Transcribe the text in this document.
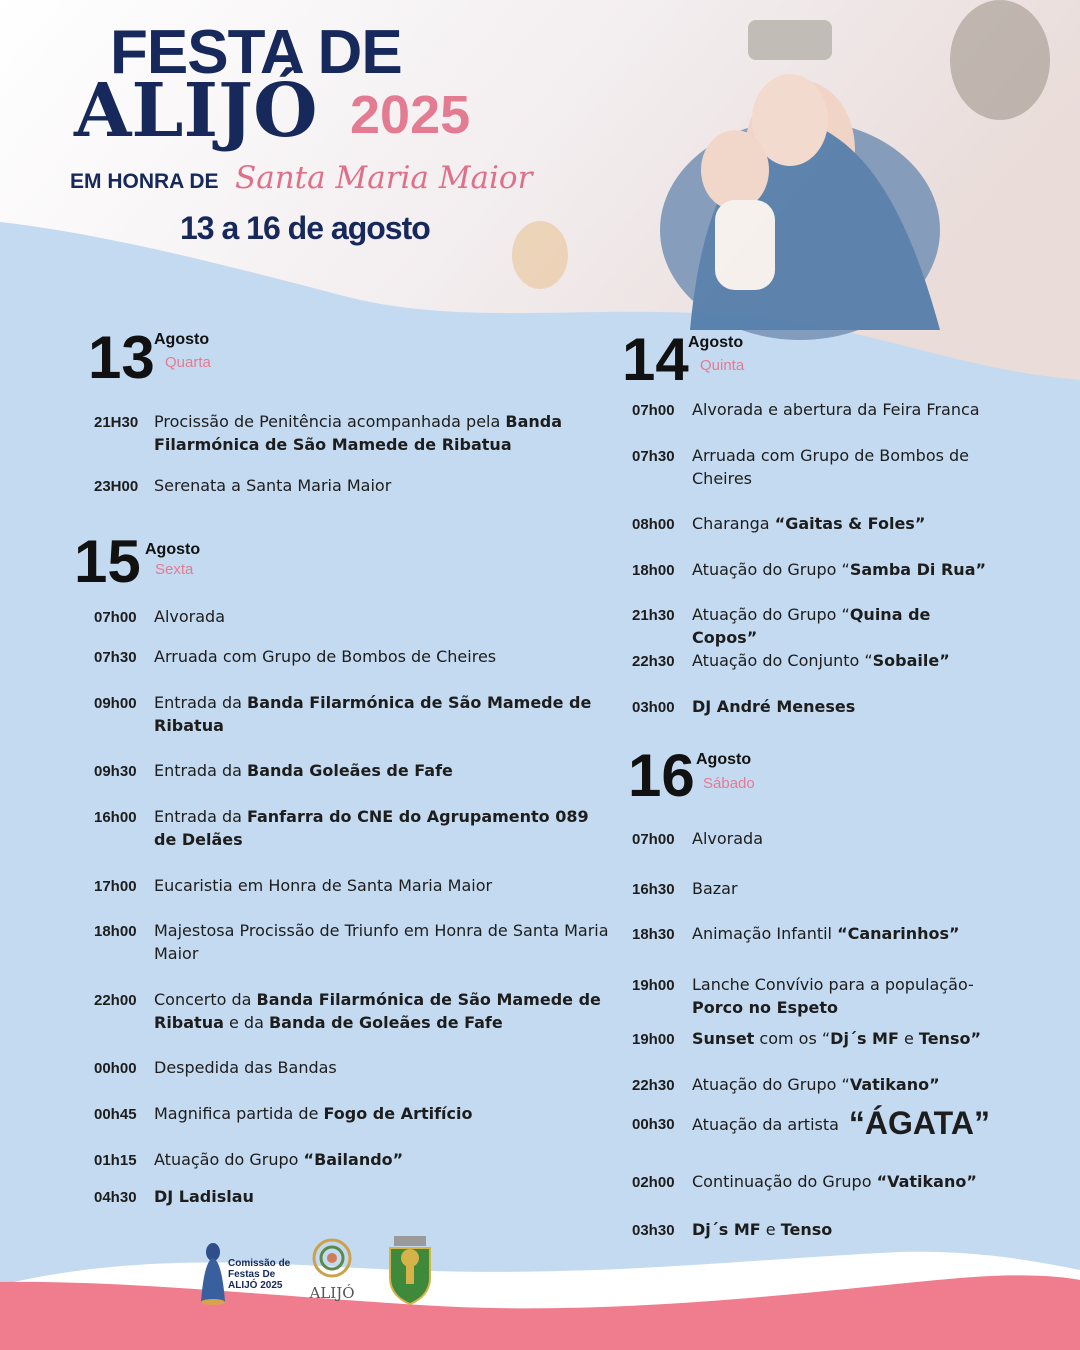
FESTA DE
ALIJÓ 2025
EM HONRA DE Santa Maria Maior
13 a 16 de agosto
13 Agosto
Quarta
21H30 Procissão de Penitência acompanhada pela Banda Filarmónica de São Mamede de Ribatua
23H00 Serenata a Santa Maria Maior
15 Agosto
Sexta
07h00	Alvorada
07h30	Arruada com Grupo de Bombos de Cheires
09h00	Entrada da Banda Filarmónica de São Mamede de Ribatua
09h30	Entrada da Banda Goleães de Fafe
16h00	Entrada da Fanfarra do CNE do Agrupamento 089 de Delães
17h00	Eucaristia em Honra de Santa Maria Maior
18h00	Majestosa Procissão de Triunfo em Honra de Santa Maria Maior
22h00	Concerto da Banda Filarmónica de São Mamede de Ribatua e da Banda de Goleães de Fafe
00h00	Despedida das Bandas
00h45	Magnifica partida de Fogo de Artifício
01h15	Atuação do Grupo “Bailando”
04h30	DJ Ladislau
14 Agosto
Quinta
07h00	Alvorada e abertura da Feira Franca
07h30	Arruada com Grupo de Bombos de Cheires
08h00	Charanga “Gaitas & Foles”
18h00	Atuação do Grupo “Samba Di Rua”
21h30	Atuação do Grupo “Quina de Copos”
22h30	Atuação do Conjunto “Sobaile”
03h00	DJ André Meneses
16 Agosto
Sábado
07h00	Alvorada
16h30	Bazar
18h30	Animação Infantil “Canarinhos”
19h00	Lanche Convívio para a população- Porco no Espeto
19h00	Sunset com os “Dj´s MF e Tenso”
22h30	Atuação do Grupo “Vatikano”
00h30	Atuação da artista “ÁGATA”
02h00	Continuação do Grupo “Vatikano”
03h30	Dj´s MF e Tenso
Comissão de Festas De ALIJÓ 2025	ALIJÓ
